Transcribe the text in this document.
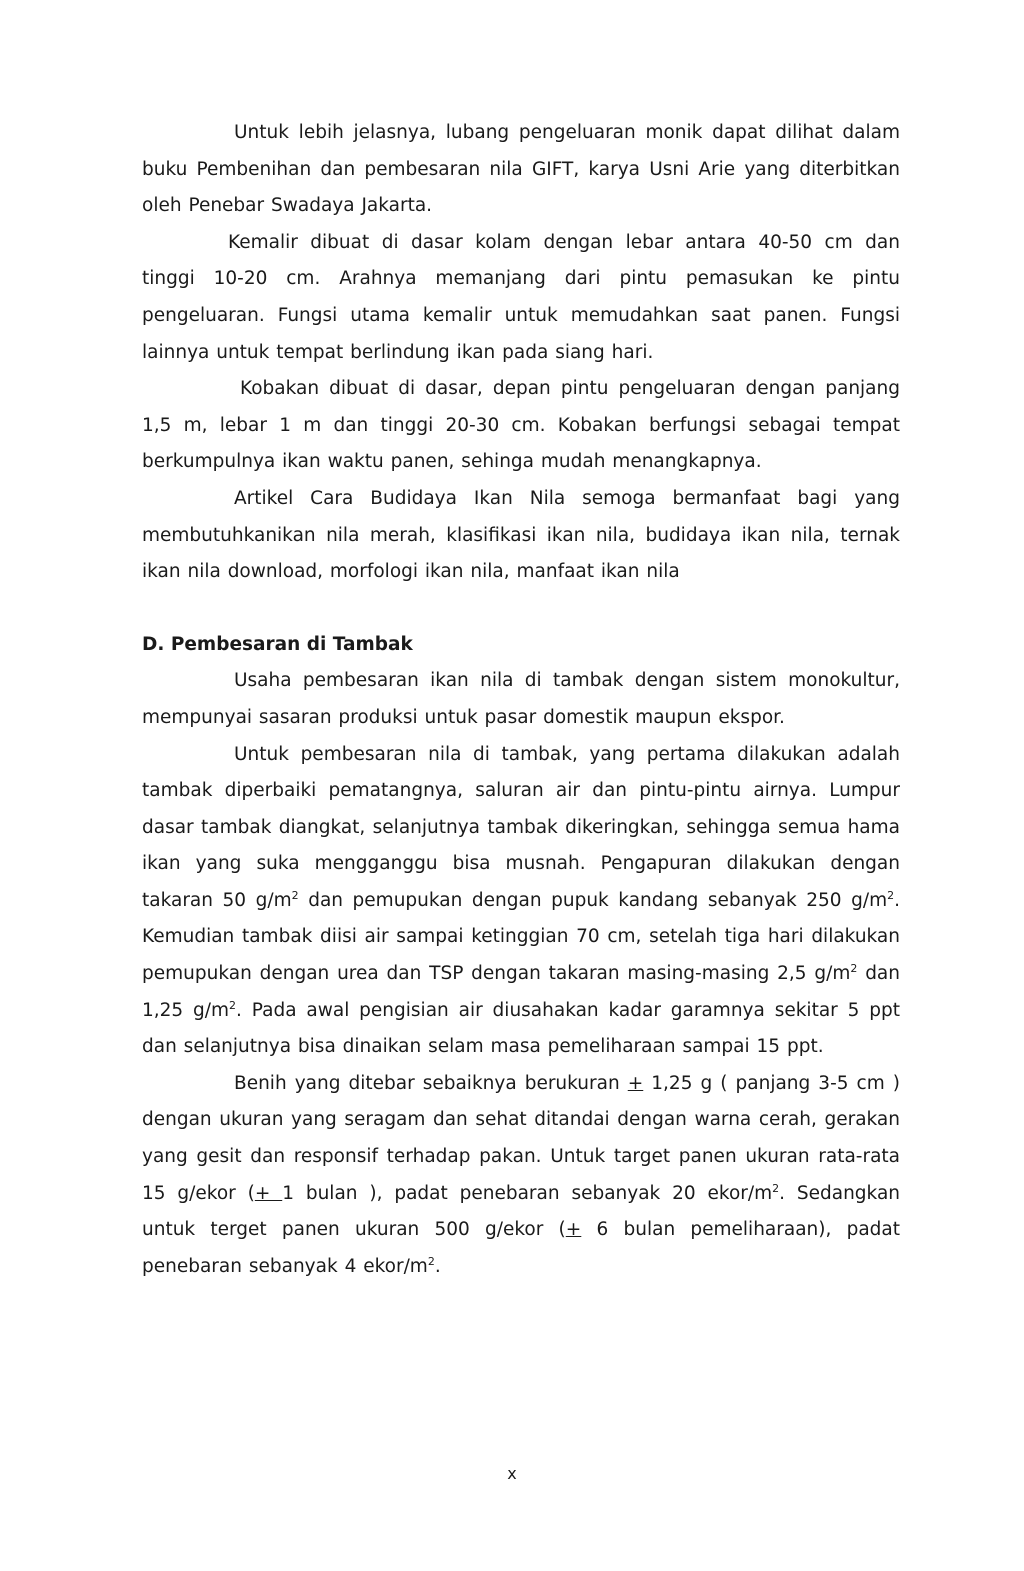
Untuk lebih jelasnya, lubang pengeluaran monik dapat dilihat dalam buku Pembenihan dan pembesaran nila GIFT, karya Usni Arie yang diterbitkan oleh Penebar Swadaya Jakarta.

Kemalir dibuat di dasar kolam dengan lebar antara 40-50 cm dan tinggi 10-20 cm. Arahnya memanjang dari pintu pemasukan ke pintu pengeluaran. Fungsi utama kemalir untuk memudahkan saat panen. Fungsi lainnya untuk tempat berlindung ikan pada siang hari.

Kobakan dibuat di dasar, depan pintu pengeluaran dengan panjang 1,5 m, lebar 1 m dan tinggi 20-30 cm. Kobakan berfungsi sebagai tempat berkumpulnya ikan waktu panen, sehinga mudah menangkapnya.

Artikel Cara Budidaya Ikan Nila semoga bermanfaat bagi yang membutuhkanikan nila merah, klasifikasi ikan nila, budidaya ikan nila, ternak ikan nila download, morfologi ikan nila, manfaat ikan nila

D. Pembesaran di Tambak

Usaha pembesaran ikan nila di tambak dengan sistem monokultur, mempunyai sasaran produksi untuk pasar domestik maupun ekspor.

Untuk pembesaran nila di tambak, yang pertama dilakukan adalah tambak diperbaiki pematangnya, saluran air dan pintu-pintu airnya. Lumpur dasar tambak diangkat, selanjutnya tambak dikeringkan, sehingga semua hama ikan yang suka mengganggu bisa musnah. Pengapuran dilakukan dengan takaran 50 $g/m^2$ dan pemupukan dengan pupuk kandang sebanyak 250 $g/m^2$. Kemudian tambak diisi air sampai ketinggian 70 cm, setelah tiga hari dilakukan pemupukan dengan urea dan TSP dengan takaran masing-masing 2,5 $g/m^2$ dan 1,25 $g/m^2$. Pada awal pengisian air diusahakan kadar garamnya sekitar 5 ppt dan selanjutnya bisa dinaikan selam masa pemeliharaan sampai 15 ppt.

Benih yang ditebar sebaiknya berukuran + 1,25 g ( panjang 3-5 cm ) dengan ukuran yang seragam dan sehat ditandai dengan warna cerah, gerakan yang gesit dan responsif terhadap pakan. Untuk target panen ukuran rata-rata 15 g/ekor (+ 1 bulan ), padat penebaran sebanyak 20 ekor/$m^2$. Sedangkan untuk terget panen ukuran 500 g/ekor (+ 6 bulan pemeliharaan), padat penebaran sebanyak 4 ekor/$m^2$.

x
